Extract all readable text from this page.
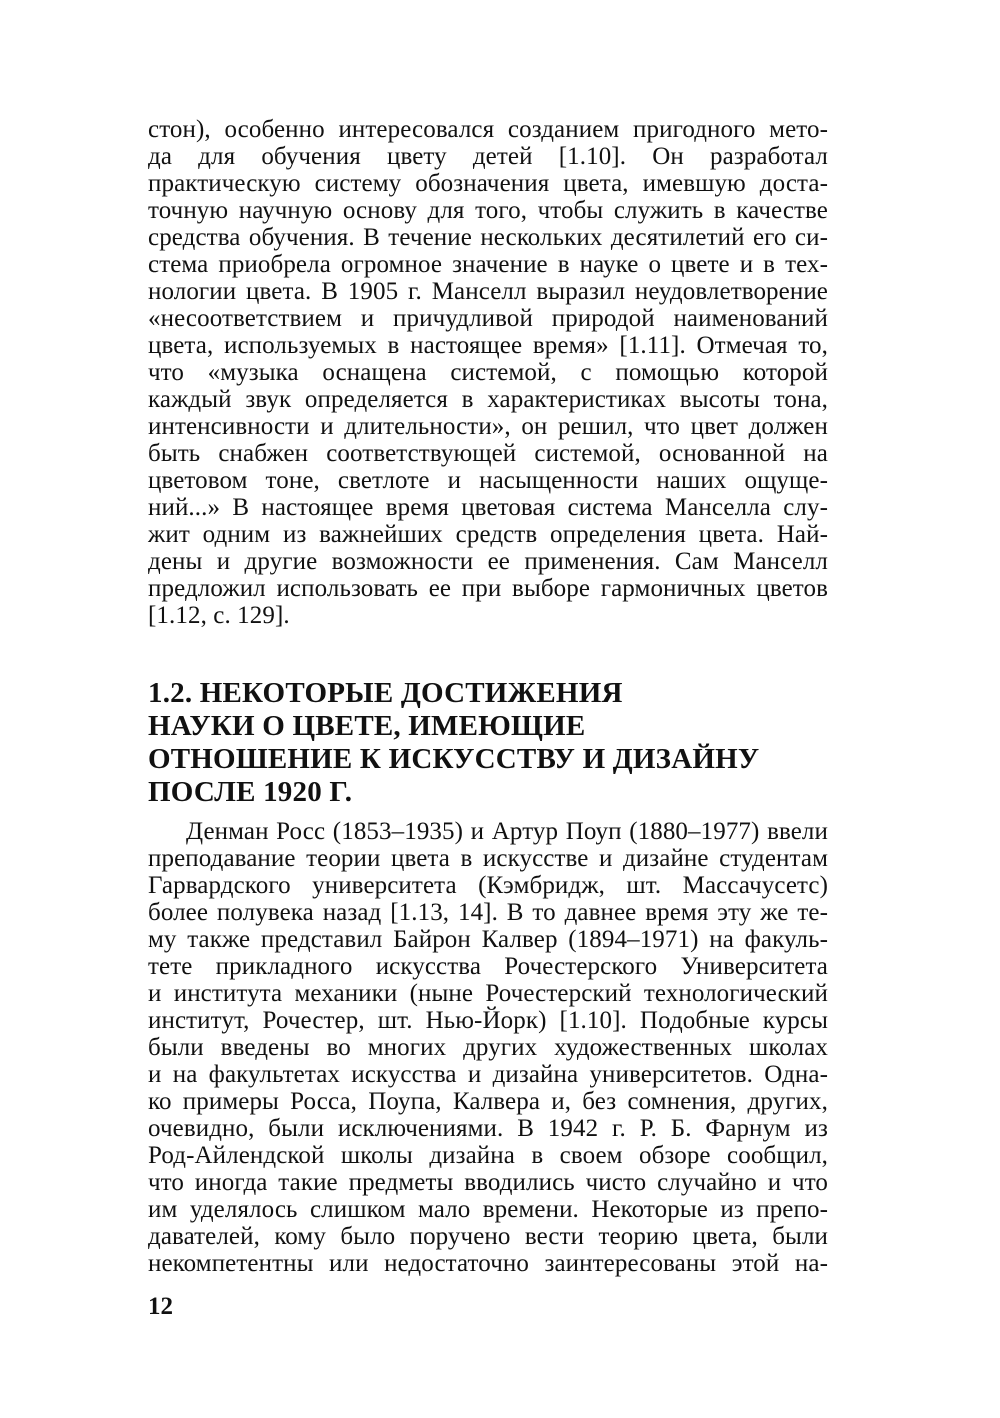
стон), особенно интересовался созданием пригодного мето-
да для обучения цвету детей [1.10]. Он разработал
практическую систему обозначения цвета, имевшую доста-
точную научную основу для того, чтобы служить в качестве
средства обучения. В течение нескольких десятилетий его си-
стема приобрела огромное значение в науке о цвете и в тех-
нологии цвета. В 1905 г. Манселл выразил неудовлетворение
«несоответствием и причудливой природой наименований
цвета, используемых в настоящее время» [1.11]. Отмечая то,
что «музыка оснащена системой, с помощью которой
каждый звук определяется в характеристиках высоты тона,
интенсивности и длительности», он решил, что цвет должен
быть снабжен соответствующей системой, основанной на
цветовом тоне, светлоте и насыщенности наших ощуще-
ний...» В настоящее время цветовая система Манселла слу-
жит одним из важнейших средств определения цвета. Най-
дены и другие возможности ее применения. Сам Манселл
предложил использовать ее при выборе гармоничных цветов
[1.12, с. 129].
1.2. НЕКОТОРЫЕ ДОСТИЖЕНИЯ
НАУКИ О ЦВЕТЕ, ИМЕЮЩИЕ
ОТНОШЕНИЕ К ИСКУССТВУ И ДИЗАЙНУ
ПОСЛЕ 1920 Г.
Денман Росс (1853–1935) и Артур Поуп (1880–1977) ввели
преподавание теории цвета в искусстве и дизайне студентам
Гарвардского университета (Кэмбридж, шт. Массачусетс)
более полувека назад [1.13, 14]. В то давнее время эту же те-
му также представил Байрон Калвер (1894–1971) на факуль-
тете прикладного искусства Рочестерского Университета
и института механики (ныне Рочестерский технологический
институт, Рочестер, шт. Нью-Йорк) [1.10]. Подобные курсы
были введены во многих других художественных школах
и на факультетах искусства и дизайна университетов. Одна-
ко примеры Росса, Поупа, Калвера и, без сомнения, других,
очевидно, были исключениями. В 1942 г. Р. Б. Фарнум из
Род-Айлендской школы дизайна в своем обзоре сообщил,
что иногда такие предметы вводились чисто случайно и что
им уделялось слишком мало времени. Некоторые из препо-
давателей, кому было поручено вести теорию цвета, были
некомпетентны или недостаточно заинтересованы этой на-
12
